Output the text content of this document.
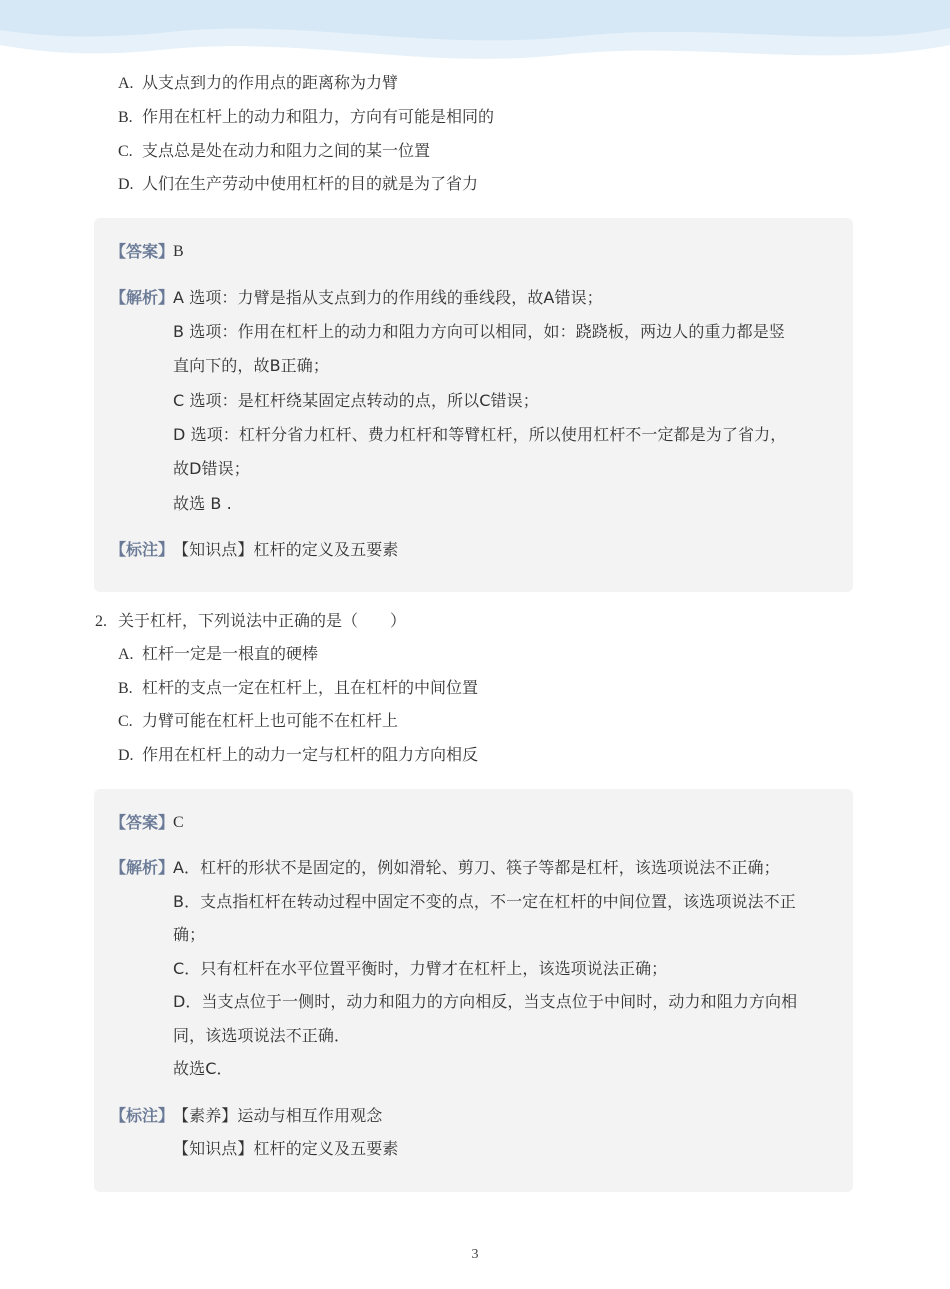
A. 从支点到力的作用点的距离称为力臂
B. 作用在杠杆上的动力和阻力，方向有可能是相同的
C. 支点总是处在动力和阻力之间的某一位置
D. 人们在生产劳动中使用杠杆的目的就是为了省力
【答案】
B
【解析】
A 选项：力臂是指从支点到力的作用线的垂线段，故A错误；
B 选项：作用在杠杆上的动力和阻力方向可以相同，如：跷跷板，两边人的重力都是竖
直向下的，故B正确；
C 选项：是杠杆绕某固定点转动的点，所以C错误；
D 选项：杠杆分省力杠杆、费力杠杆和等臂杠杆，所以使用杠杆不一定都是为了省力，
故D错误；
故选 B .
【标注】
【知识点】杠杆的定义及五要素
2. 关于杠杆，下列说法中正确的是（　　）
A. 杠杆一定是一根直的硬棒
B. 杠杆的支点一定在杠杆上，且在杠杆的中间位置
C. 力臂可能在杠杆上也可能不在杠杆上
D. 作用在杠杆上的动力一定与杠杆的阻力方向相反
【答案】
C
【解析】
A．杠杆的形状不是固定的，例如滑轮、剪刀、筷子等都是杠杆，该选项说法不正确；
B．支点指杠杆在转动过程中固定不变的点，不一定在杠杆的中间位置，该选项说法不正
确；
C．只有杠杆在水平位置平衡时，力臂才在杠杆上，该选项说法正确；
D．当支点位于一侧时，动力和阻力的方向相反，当支点位于中间时，动力和阻力方向相
同，该选项说法不正确．
故选C．
【标注】
【素养】运动与相互作用观念
【知识点】杠杆的定义及五要素
3
